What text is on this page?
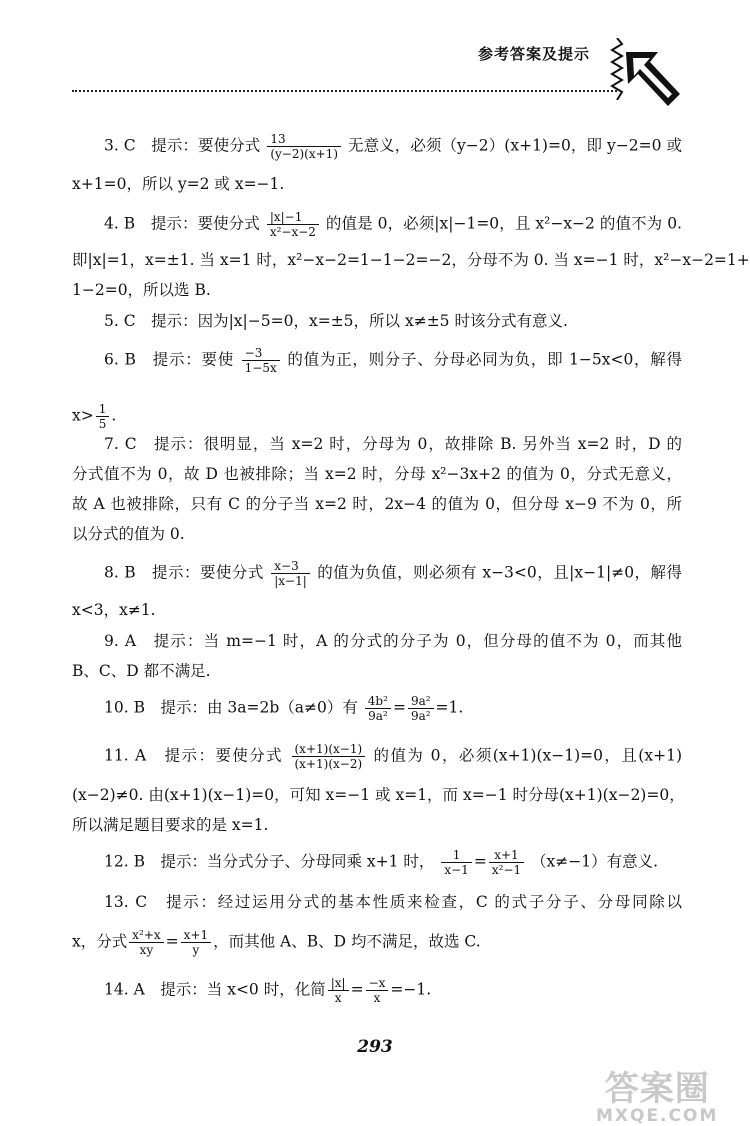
参考答案及提示
3. C　提示：要使分式 $\frac{13}{(y-2)(x+1)}$ 无意义，必须（y−2）(x+1)=0，即 y−2=0 或
x+1=0，所以 y=2 或 x=−1.
4. B　提示：要使分式 $\frac{|x|-1}{\text{x²−x−2}}$ 的值是 0，必须|x|−1=0，且 x²−x−2 的值不为 0.
即|x|=1，x=±1. 当 x=1 时，x²−x−2=1−1−2=−2，分母不为 0. 当 x=−1 时，x²−x−2=1+
1−2=0，所以选 B.
5. C　提示：因为|x|−5=0，x=±5，所以 x≠±5 时该分式有意义.
6. B　提示：要使 $\frac{-3}{1-5x}$ 的值为正，则分子、分母必同为负，即 1−5x<0，解得
$x> \frac{1}{5}$ .
7. C　提示：很明显，当 x=2 时，分母为 0，故排除 B. 另外当 x=2 时，D 的
分式值不为 0，故 D 也被排除；当 x=2 时，分母 x²−3x+2 的值为 0，分式无意义，
故 A 也被排除，只有 C 的分子当 x=2 时，2x−4 的值为 0，但分母 x−9 不为 0，所
以分式的值为 0.
8. B　提示：要使分式 $\frac{x-3}{|x-1|}$ 的值为负值，则必须有 x−3<0，且|x−1|≠0，解得
x<3，x≠1.
9. A　提示：当 m=−1 时，A 的分式的分子为 0，但分母的值不为 0，而其他
B、C、D 都不满足.
10. B　提示：由 3a=2b（a≠0）有 $\frac{\text{4b²}}{\text{9a²}} = \frac{\text{9a²}}{\text{9a²}} =1$.
11. A　提示：要使分式 $\frac{(x+1)(x-1)}{(x+1)(x-2)}$ 的值为 0，必须(x+1)(x−1)=0，且(x+1)
(x−2)≠0. 由(x+1)(x−1)=0，可知 x=−1 或 x=1，而 x=−1 时分母(x+1)(x−2)=0，
所以满足题目要求的是 x=1.
12. B　提示：当分式分子、分母同乘 x+1 时， $\frac{1}{x-1} = \frac{x+1}{\text{x²−1}} (x\ne-1)$有意义.
13. C　提示：经过运用分式的基本性质来检查，C 的式子分子、分母同除以
x，分式 $\frac{\text{x²+x}}{xy} = \frac{x+1}{y}$ ，而其他 A、B、D 均不满足，故选 C.
14. A　提示：当 x<0 时，化简 $\frac{|x|}{x} = \frac{-x}{x} =-1$.
293
答案圈
MXQE.COM
